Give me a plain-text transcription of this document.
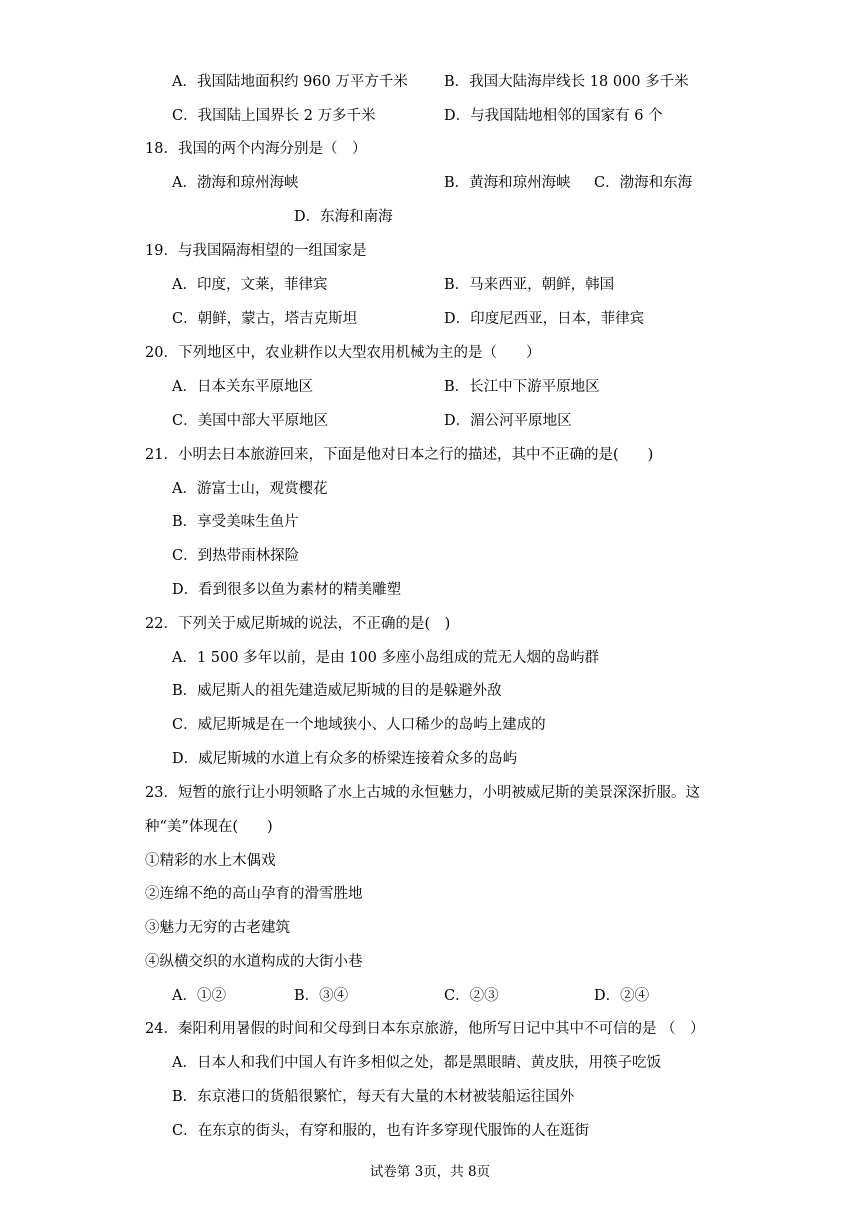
A．我国陆地面积约 960 万平方千米 B．我国大陆海岸线长 18 000 多千米
C．我国陆上国界长 2 万多千米	D．与我国陆地相邻的国家有 6 个
18．我国的两个内海分别是（　）
A．渤海和琼州海峡	B．黄海和琼州海峡 C．渤海和东海
D．东海和南海
19．与我国隔海相望的一组国家是
A．印度，文莱，菲律宾	B．马来西亚，朝鲜，韩国
C．朝鲜，蒙古，塔吉克斯坦	D．印度尼西亚，日本，菲律宾
20．下列地区中，农业耕作以大型农用机械为主的是（　　）
A．日本关东平原地区	B．长江中下游平原地区
C．美国中部大平原地区	D．湄公河平原地区
21．小明去日本旅游回来，下面是他对日本之行的描述，其中不正确的是(　　)
A．游富士山，观赏樱花
B．享受美味生鱼片
C．到热带雨林探险
D．看到很多以鱼为素材的精美雕塑
22．下列关于威尼斯城的说法，不正确的是(　)
A．1 500 多年以前，是由 100 多座小岛组成的荒无人烟的岛屿群
B．威尼斯人的祖先建造威尼斯城的目的是躲避外敌
C．威尼斯城是在一个地域狭小、人口稀少的岛屿上建成的
D．威尼斯城的水道上有众多的桥梁连接着众多的岛屿
23．短暂的旅行让小明领略了水上古城的永恒魅力，小明被威尼斯的美景深深折服。这
种“美”体现在(　　)
①精彩的水上木偶戏
②连绵不绝的高山孕育的滑雪胜地
③魅力无穷的古老建筑
④纵横交织的水道构成的大街小巷
A．①②	B．③④	C．②③	D．②④
24．秦阳利用暑假的时间和父母到日本东京旅游，他所写日记中其中不可信的是 （　）
A．日本人和我们中国人有许多相似之处，都是黑眼睛、黄皮肤，用筷子吃饭
B．东京港口的货船很繁忙，每天有大量的木材被装船运往国外
C．在东京的街头，有穿和服的，也有许多穿现代服饰的人在逛街
试卷第 3页，共 8页
